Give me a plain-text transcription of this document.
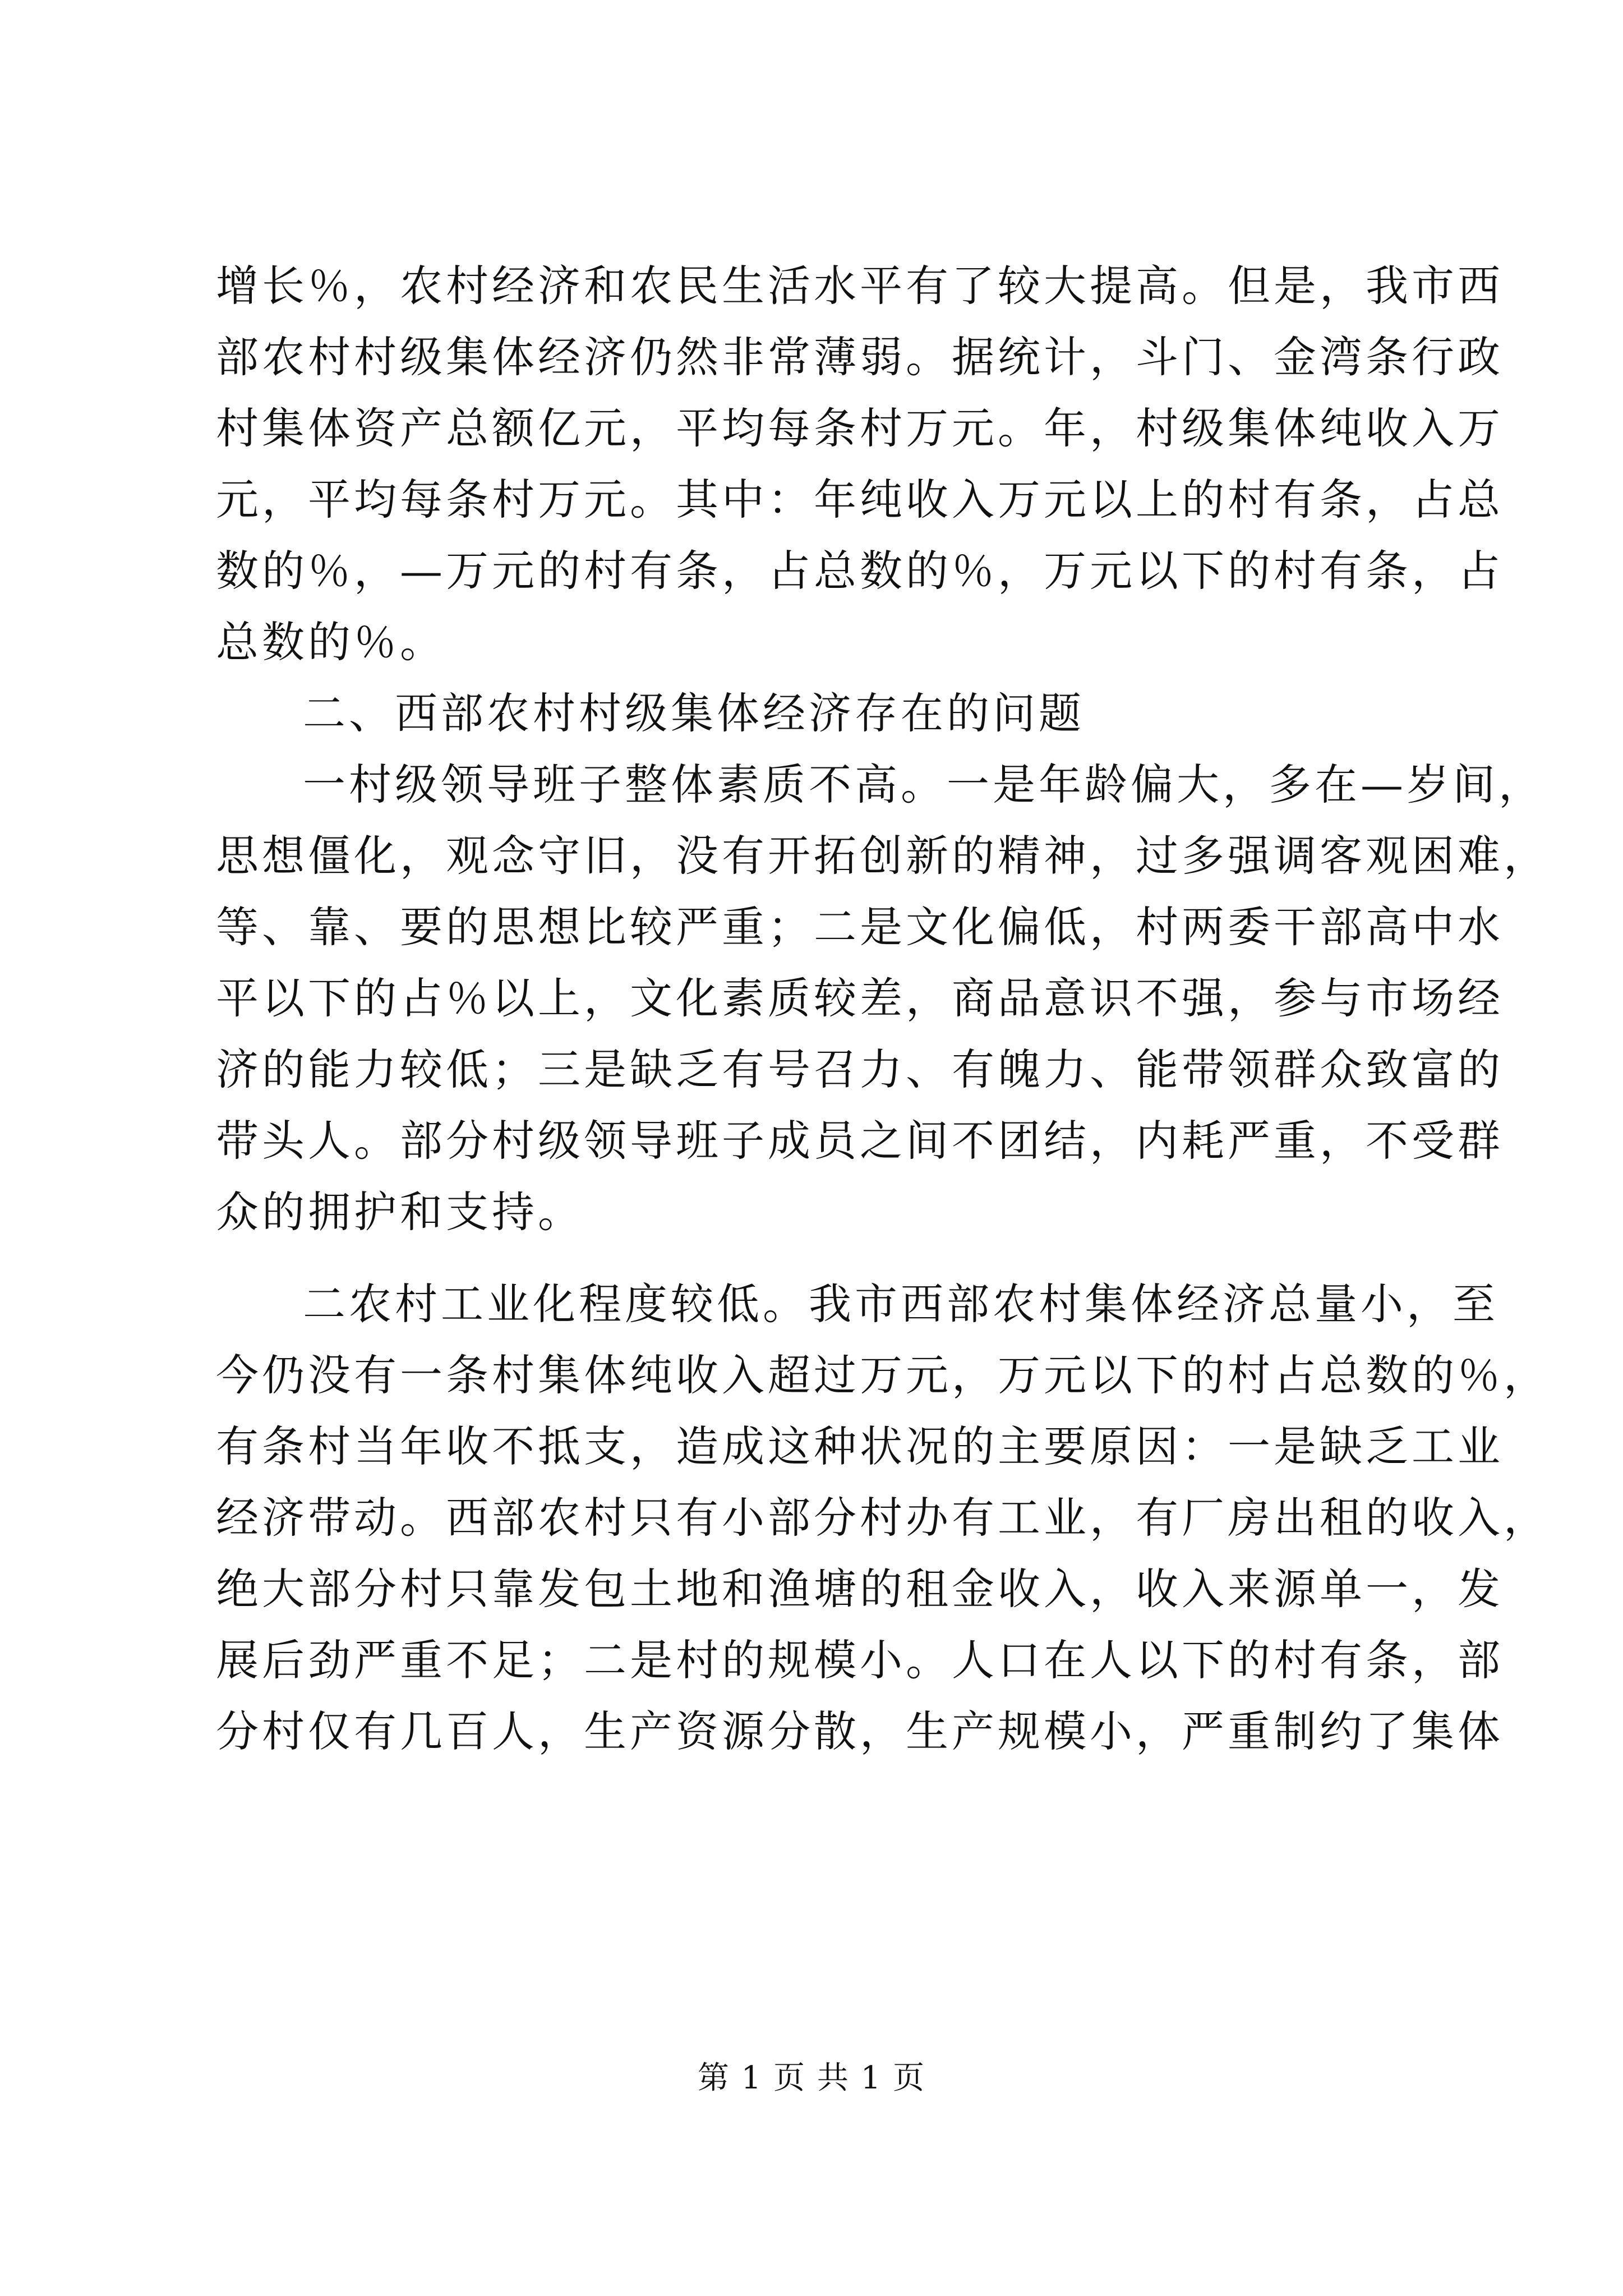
增长％，农村经济和农民生活水平有了较大提高。但是，我市西
部农村村级集体经济仍然非常薄弱。据统计，斗门、金湾条行政
村集体资产总额亿元，平均每条村万元。年，村级集体纯收入万
元，平均每条村万元。其中：年纯收入万元以上的村有条，占总
数的％，—万元的村有条，占总数的％，万元以下的村有条，占
总数的％。
二、西部农村村级集体经济存在的问题
一村级领导班子整体素质不高。一是年龄偏大，多在—岁间，
思想僵化，观念守旧，没有开拓创新的精神，过多强调客观困难，
等、靠、要的思想比较严重；二是文化偏低，村两委干部高中水
平以下的占％以上，文化素质较差，商品意识不强，参与市场经
济的能力较低；三是缺乏有号召力、有魄力、能带领群众致富的
带头人。部分村级领导班子成员之间不团结，内耗严重，不受群
众的拥护和支持。
二农村工业化程度较低。我市西部农村集体经济总量小，至
今仍没有一条村集体纯收入超过万元，万元以下的村占总数的％，
有条村当年收不抵支，造成这种状况的主要原因：一是缺乏工业
经济带动。西部农村只有小部分村办有工业，有厂房出租的收入，
绝大部分村只靠发包土地和渔塘的租金收入，收入来源单一，发
展后劲严重不足；二是村的规模小。人口在人以下的村有条，部
分村仅有几百人，生产资源分散，生产规模小，严重制约了集体
第 1 页 共 1 页
